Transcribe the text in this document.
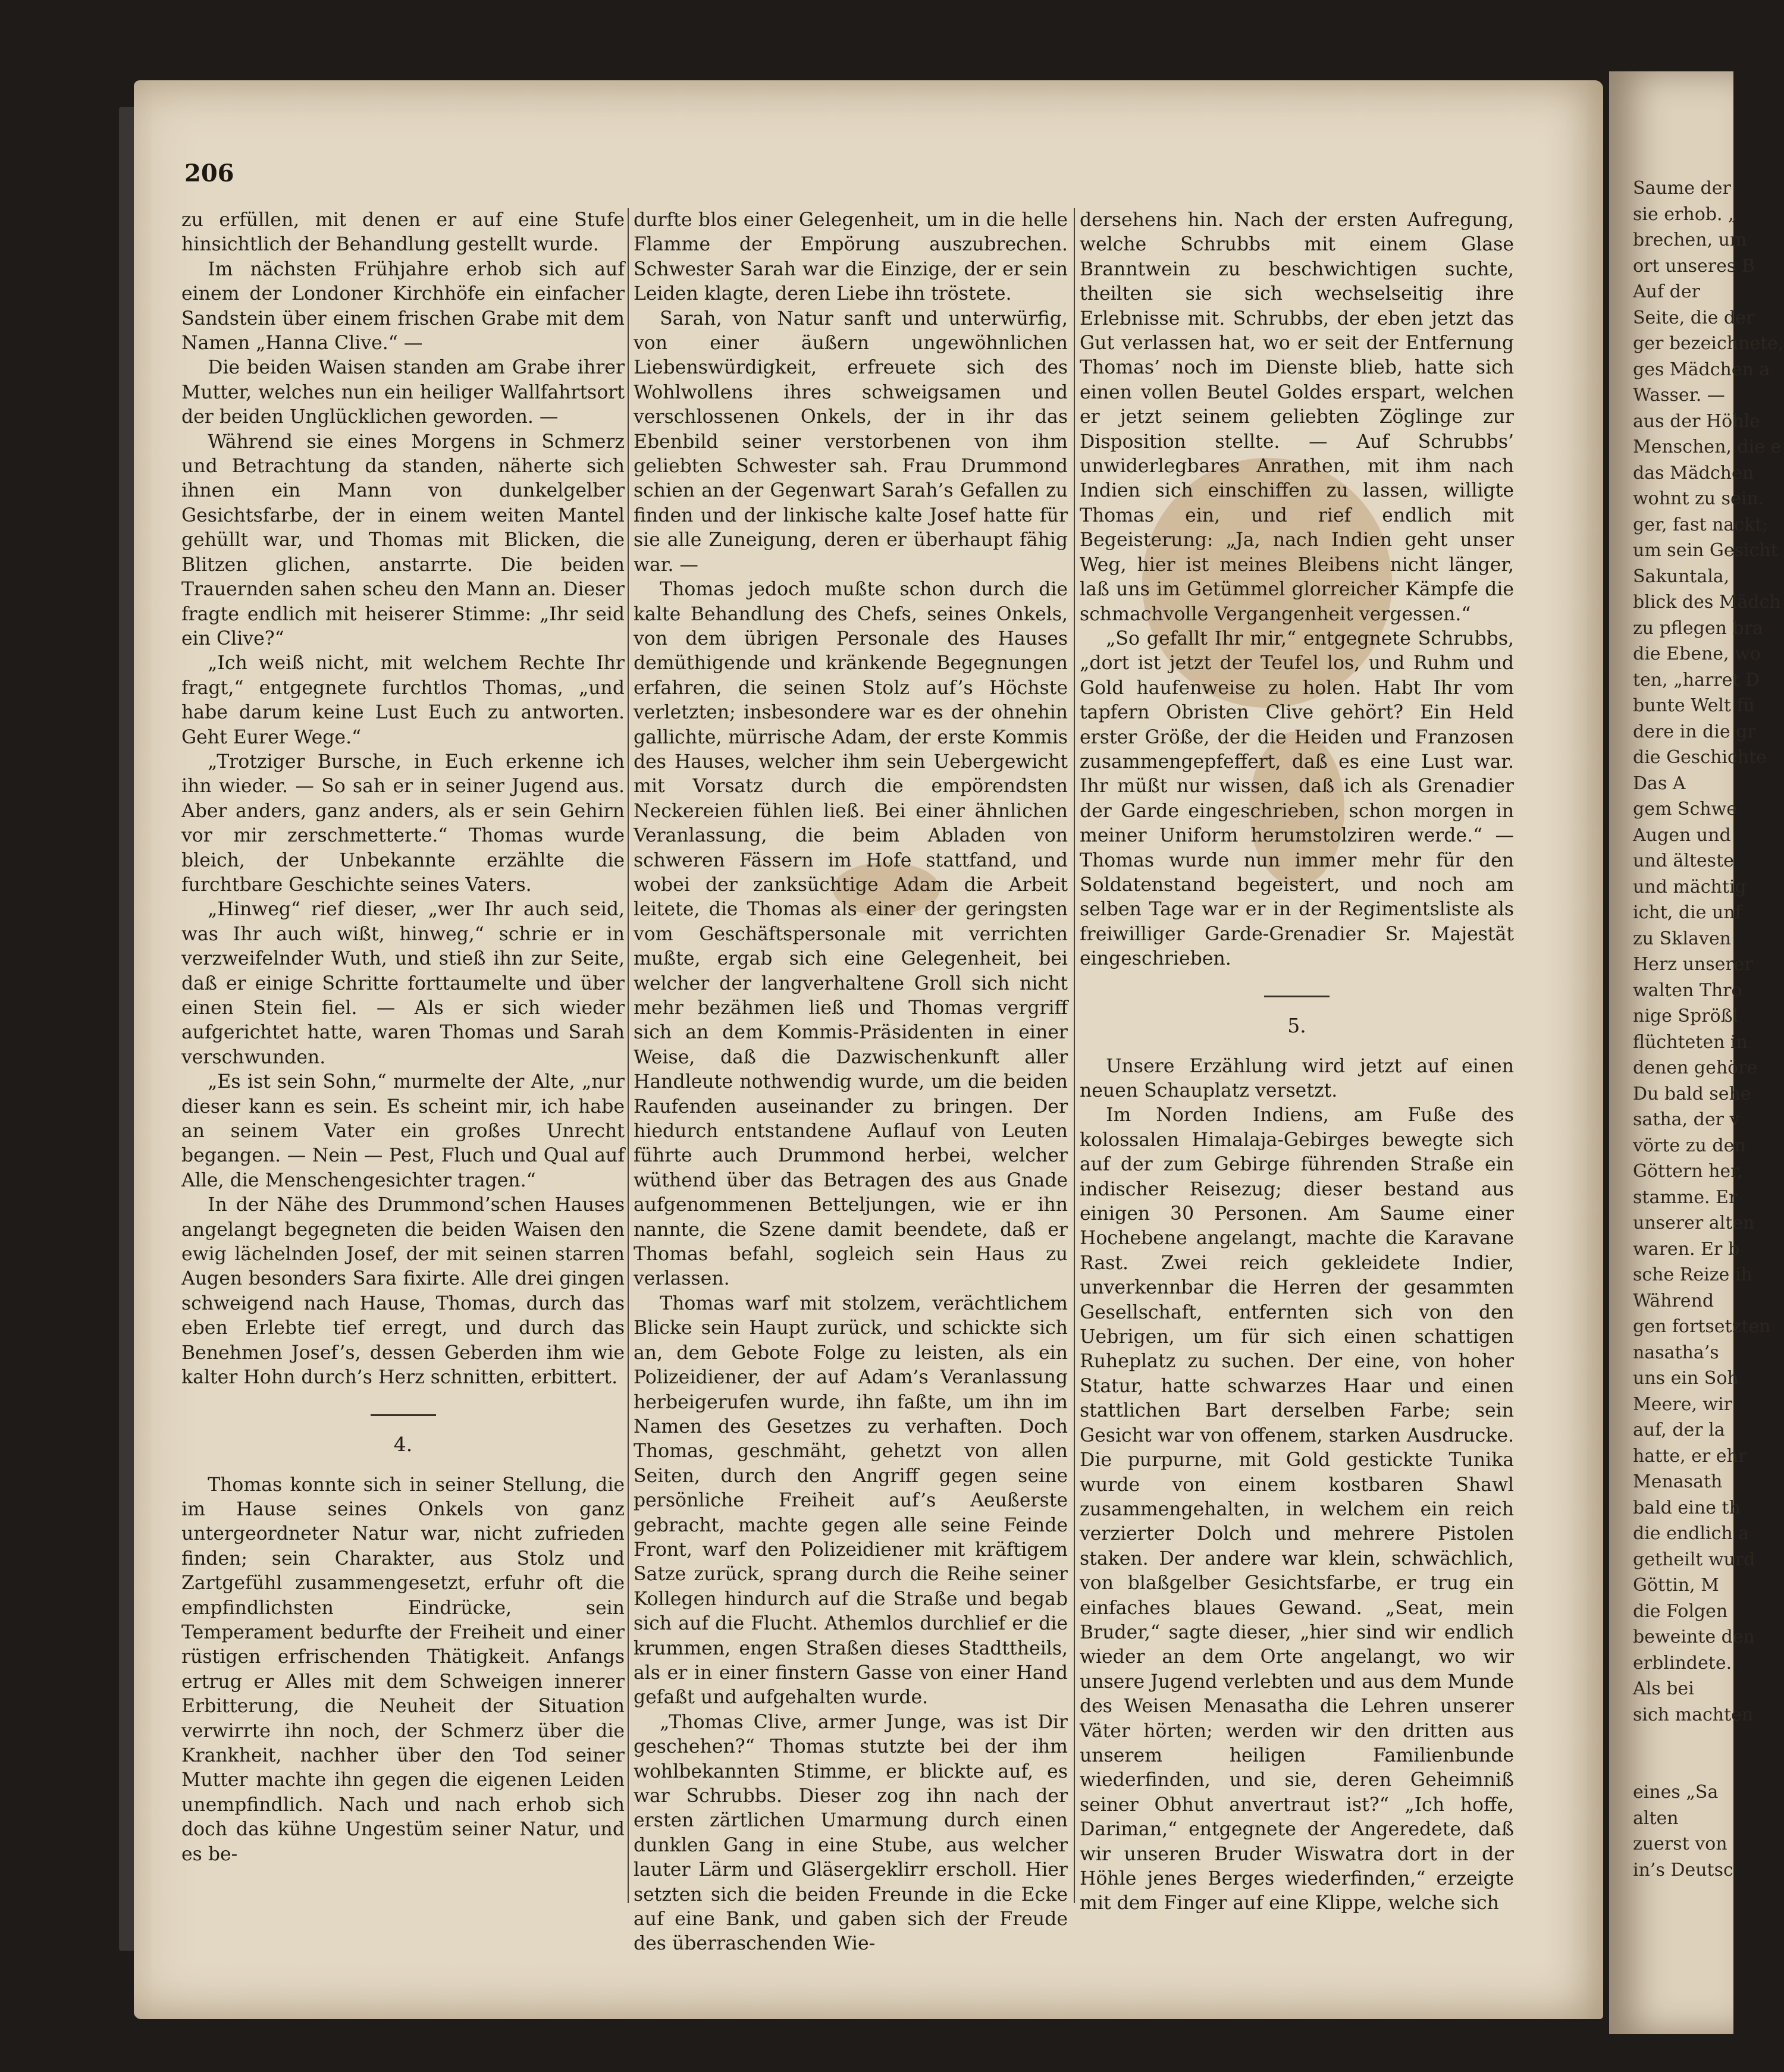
Saume der
sie erhob. „
brechen, um
ort unseres B
Auf der
Seite, die der
ger bezeichnete,
ges Mädchen a
Wasser. —
aus der Höhle
Menschen, die e
das Mädchen
wohnt zu sein.
ger, fast nackt;
um sein Gesicht
Sakuntala,
blick des Mädch
zu pflegen bra
die Ebene, wo
ten, „harret D
bunte Welt fü
dere in die gr
die Geschichte
Das A
gem Schwe
Augen und
und älteste
und mächtig
icht, die unf
zu Sklaven
Herz unserer
walten Thro
nige Sprößl
flüchteten in
denen gehöre
Du bald sehe
satha, der v
vörte zu den
Göttern her,
stamme. Er
unserer alten
waren. Er b
sche Reize ih
Während
gen fortsetzten
nasatha’s
uns ein Soh
Meere, wir
auf, der la
hatte, er ehr
Menasath
bald eine th
die endlich a
getheilt wurd
Göttin, M
die Folgen
beweinte den
erblindete.
Als bei
sich machten
eines „Sa
alten
zuerst von
in’s Deutsc
206

zu erfüllen, mit denen er auf eine Stufe hinsichtlich der Behandlung gestellt wurde.

Im nächsten Frühjahre erhob sich auf einem der Londoner Kirchhöfe ein einfacher Sandstein über einem frischen Grabe mit dem Namen „Hanna Clive.“ —

Die beiden Waisen standen am Grabe ihrer Mutter, welches nun ein heiliger Wallfahrtsort der beiden Unglücklichen geworden. —

Während sie eines Morgens in Schmerz und Betrachtung da standen, näherte sich ihnen ein Mann von dunkelgelber Gesichtsfarbe, der in einem weiten Mantel gehüllt war, und Thomas mit Blicken, die Blitzen glichen, anstarrte. Die beiden Trauernden sahen scheu den Mann an. Dieser fragte endlich mit heiserer Stimme: „Ihr seid ein Clive?“

„Ich weiß nicht, mit welchem Rechte Ihr fragt,“ entgegnete furchtlos Thomas, „und habe darum keine Lust Euch zu antworten. Geht Eurer Wege.“

„Trotziger Bursche, in Euch erkenne ich ihn wieder. — So sah er in seiner Jugend aus. Aber anders, ganz anders, als er sein Gehirn vor mir zerschmetterte.“ Thomas wurde bleich, der Unbekannte erzählte die furchtbare Geschichte seines Vaters.

„Hinweg“ rief dieser, „wer Ihr auch seid, was Ihr auch wißt, hinweg,“ schrie er in verzweifelnder Wuth, und stieß ihn zur Seite, daß er einige Schritte forttaumelte und über einen Stein fiel. — Als er sich wieder aufgerichtet hatte, waren Thomas und Sarah verschwunden.

„Es ist sein Sohn,“ murmelte der Alte, „nur dieser kann es sein. Es scheint mir, ich habe an seinem Vater ein großes Unrecht begangen. — Nein — Pest, Fluch und Qual auf Alle, die Menschengesichter tragen.“

In der Nähe des Drummond’schen Hauses angelangt begegneten die beiden Waisen den ewig lächelnden Josef, der mit seinen starren Augen besonders Sara fixirte. Alle drei gingen schweigend nach Hause, Thomas, durch das eben Erlebte tief erregt, und durch das Benehmen Josef’s, dessen Geberden ihm wie kalter Hohn durch’s Herz schnitten, erbittert.

4.

Thomas konnte sich in seiner Stellung, die im Hause seines Onkels von ganz untergeordneter Natur war, nicht zufrieden finden; sein Charakter, aus Stolz und Zartgefühl zusammengesetzt, erfuhr oft die empfindlichsten Eindrücke, sein Temperament bedurfte der Freiheit und einer rüstigen erfrischenden Thätigkeit. Anfangs ertrug er Alles mit dem Schweigen innerer Erbitterung, die Neuheit der Situation verwirrte ihn noch, der Schmerz über die Krankheit, nachher über den Tod seiner Mutter machte ihn gegen die eigenen Leiden unempfindlich. Nach und nach erhob sich doch das kühne Ungestüm seiner Natur, und es be-

durfte blos einer Gelegenheit, um in die helle Flamme der Empörung auszubrechen. Schwester Sarah war die Einzige, der er sein Leiden klagte, deren Liebe ihn tröstete.

Sarah, von Natur sanft und unterwürfig, von einer äußern ungewöhnlichen Liebenswürdigkeit, erfreuete sich des Wohlwollens ihres schweigsamen und verschlossenen Onkels, der in ihr das Ebenbild seiner verstorbenen von ihm geliebten Schwester sah. Frau Drummond schien an der Gegenwart Sarah’s Gefallen zu finden und der linkische kalte Josef hatte für sie alle Zuneigung, deren er überhaupt fähig war. —

Thomas jedoch mußte schon durch die kalte Behandlung des Chefs, seines Onkels, von dem übrigen Personale des Hauses demüthigende und kränkende Begegnungen erfahren, die seinen Stolz auf’s Höchste verletzten; insbesondere war es der ohnehin gallichte, mürrische Adam, der erste Kommis des Hauses, welcher ihm sein Uebergewicht mit Vorsatz durch die empörendsten Neckereien fühlen ließ. Bei einer ähnlichen Veranlassung, die beim Abladen von schweren Fässern im Hofe stattfand, und wobei der zanksüchtige Adam die Arbeit leitete, die Thomas als einer der geringsten vom Geschäftspersonale mit verrichten mußte, ergab sich eine Gelegenheit, bei welcher der langverhaltene Groll sich nicht mehr bezähmen ließ und Thomas vergriff sich an dem Kommis-Präsidenten in einer Weise, daß die Dazwischenkunft aller Handleute nothwendig wurde, um die beiden Raufenden auseinander zu bringen. Der hiedurch entstandene Auflauf von Leuten führte auch Drummond herbei, welcher wüthend über das Betragen des aus Gnade aufgenommenen Betteljungen, wie er ihn nannte, die Szene damit beendete, daß er Thomas befahl, sogleich sein Haus zu verlassen.

Thomas warf mit stolzem, verächtlichem Blicke sein Haupt zurück, und schickte sich an, dem Gebote Folge zu leisten, als ein Polizeidiener, der auf Adam’s Veranlassung herbeigerufen wurde, ihn faßte, um ihn im Namen des Gesetzes zu verhaften. Doch Thomas, geschmäht, gehetzt von allen Seiten, durch den Angriff gegen seine persönliche Freiheit auf’s Aeußerste gebracht, machte gegen alle seine Feinde Front, warf den Polizeidiener mit kräftigem Satze zurück, sprang durch die Reihe seiner Kollegen hindurch auf die Straße und begab sich auf die Flucht. Athemlos durchlief er die krummen, engen Straßen dieses Stadttheils, als er in einer finstern Gasse von einer Hand gefaßt und aufgehalten wurde.

„Thomas Clive, armer Junge, was ist Dir geschehen?“ Thomas stutzte bei der ihm wohlbekannten Stimme, er blickte auf, es war Schrubbs. Dieser zog ihn nach der ersten zärtlichen Umarmung durch einen dunklen Gang in eine Stube, aus welcher lauter Lärm und Gläsergeklirr erscholl. Hier setzten sich die beiden Freunde in die Ecke auf eine Bank, und gaben sich der Freude des überraschenden Wie-

dersehens hin. Nach der ersten Aufregung, welche Schrubbs mit einem Glase Branntwein zu beschwichtigen suchte, theilten sie sich wechselseitig ihre Erlebnisse mit. Schrubbs, der eben jetzt das Gut verlassen hat, wo er seit der Entfernung Thomas’ noch im Dienste blieb, hatte sich einen vollen Beutel Goldes erspart, welchen er jetzt seinem geliebten Zöglinge zur Disposition stellte. — Auf Schrubbs’ unwiderlegbares Anrathen, mit ihm nach Indien sich einschiffen zu lassen, willigte Thomas ein, und rief endlich mit Begeisterung: „Ja, nach Indien geht unser Weg, hier ist meines Bleibens nicht länger, laß uns im Getümmel glorreicher Kämpfe die schmachvolle Vergangenheit vergessen.“

„So gefallt Ihr mir,“ entgegnete Schrubbs, „dort ist jetzt der Teufel los, und Ruhm und Gold haufenweise zu holen. Habt Ihr vom tapfern Obristen Clive gehört? Ein Held erster Größe, der die Heiden und Franzosen zusammengepfeffert, daß es eine Lust war. Ihr müßt nur wissen, daß ich als Grenadier der Garde eingeschrieben, schon morgen in meiner Uniform herumstolziren werde.“ — Thomas wurde nun immer mehr für den Soldatenstand begeistert, und noch am selben Tage war er in der Regimentsliste als freiwilliger Garde-Grenadier Sr. Majestät eingeschrieben.

5.

Unsere Erzählung wird jetzt auf einen neuen Schauplatz versetzt.

Im Norden Indiens, am Fuße des kolossalen Himalaja-Gebirges bewegte sich auf der zum Gebirge führenden Straße ein indischer Reisezug; dieser bestand aus einigen 30 Personen. Am Saume einer Hochebene angelangt, machte die Karavane Rast. Zwei reich gekleidete Indier, unverkennbar die Herren der gesammten Gesellschaft, entfernten sich von den Uebrigen, um für sich einen schattigen Ruheplatz zu suchen. Der eine, von hoher Statur, hatte schwarzes Haar und einen stattlichen Bart derselben Farbe; sein Gesicht war von offenem, starken Ausdrucke. Die purpurne, mit Gold gestickte Tunika wurde von einem kostbaren Shawl zusammengehalten, in welchem ein reich verzierter Dolch und mehrere Pistolen staken. Der andere war klein, schwächlich, von blaßgelber Gesichtsfarbe, er trug ein einfaches blaues Gewand. „Seat, mein Bruder,“ sagte dieser, „hier sind wir endlich wieder an dem Orte angelangt, wo wir unsere Jugend verlebten und aus dem Munde des Weisen Menasatha die Lehren unserer Väter hörten; werden wir den dritten aus unserem heiligen Familienbunde wiederfinden, und sie, deren Geheimniß seiner Obhut anvertraut ist?“ „Ich hoffe, Dariman,“ entgegnete der Angeredete, daß wir unseren Bruder Wiswatra dort in der Höhle jenes Berges wiederfinden,“ erzeigte mit dem Finger auf eine Klippe, welche sich
